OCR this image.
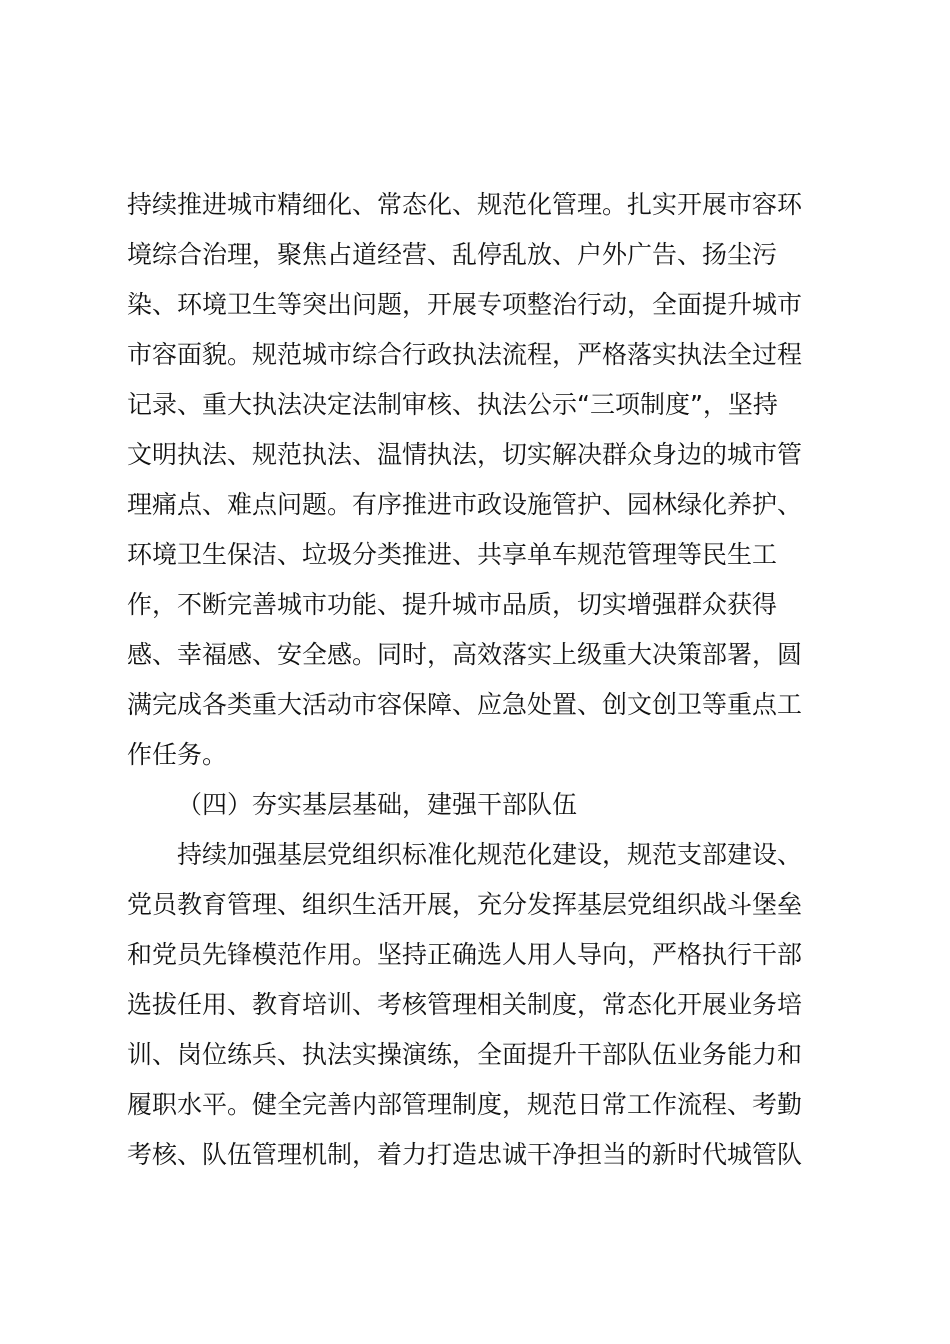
持续推进城市精细化、常态化、规范化管理。扎实开展市容环
境综合治理，聚焦占道经营、乱停乱放、户外广告、扬尘污
染、环境卫生等突出问题，开展专项整治行动，全面提升城市
市容面貌。规范城市综合行政执法流程，严格落实执法全过程
记录、重大执法决定法制审核、执法公示“三项制度”，坚持
文明执法、规范执法、温情执法，切实解决群众身边的城市管
理痛点、难点问题。有序推进市政设施管护、园林绿化养护、
环境卫生保洁、垃圾分类推进、共享单车规范管理等民生工
作，不断完善城市功能、提升城市品质，切实增强群众获得
感、幸福感、安全感。同时，高效落实上级重大决策部署，圆
满完成各类重大活动市容保障、应急处置、创文创卫等重点工
作任务。
（四）夯实基层基础，建强干部队伍
持续加强基层党组织标准化规范化建设，规范支部建设、
党员教育管理、组织生活开展，充分发挥基层党组织战斗堡垒
和党员先锋模范作用。坚持正确选人用人导向，严格执行干部
选拔任用、教育培训、考核管理相关制度，常态化开展业务培
训、岗位练兵、执法实操演练，全面提升干部队伍业务能力和
履职水平。健全完善内部管理制度，规范日常工作流程、考勤
考核、队伍管理机制，着力打造忠诚干净担当的新时代城管队
